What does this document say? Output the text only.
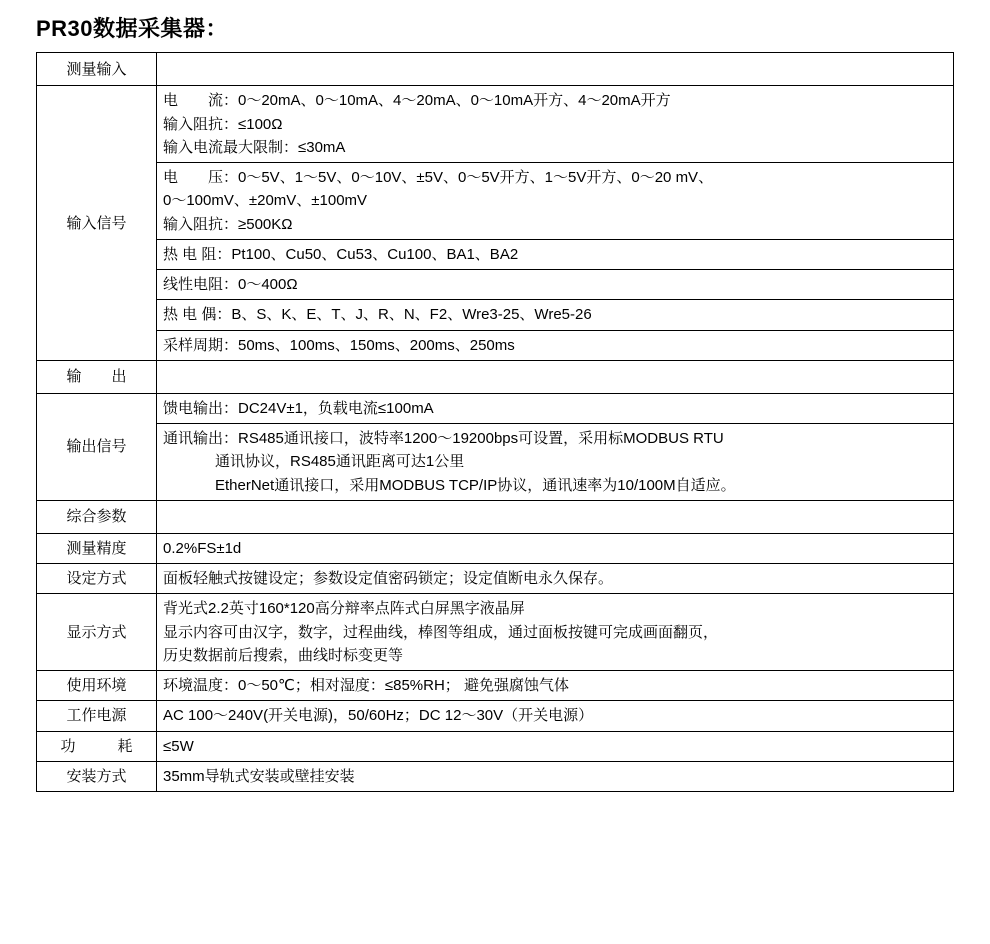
PR30数据采集器：
测量输入	
输入信号	电　　流：0～20mA、0～10mA、4～20mA、0～10mA开方、4～20mA开方
输入阻抗：≤100Ω
输入电流最大限制：≤30mA

	电　　压：0～5V、1～5V、0～10V、±5V、0～5V开方、1～5V开方、0～20 mV、
0～100mV、±20mV、±100mV
输入阻抗：≥500KΩ

	热 电 阻：Pt100、Cu50、Cu53、Cu100、BA1、BA2

	线性电阻：0～400Ω

	热 电 偶：B、S、K、E、T、J、R、N、F2、Wre3-25、Wre5-26

	采样周期：50ms、100ms、150ms、200ms、250ms

输　　出	
输出信号	馈电输出：DC24V±1，负载电流≤100mA

	通讯输出：RS485通讯接口，波特率1200～19200bps可设置，采用标MODBUS RTU
通讯协议，RS485通讯距离可达1公里
EtherNet通讯接口，采用MODBUS TCP/IP协议，通讯速率为10/100M自适应。

综合参数	
测量精度	0.2%FS±1d

设定方式	面板轻触式按键设定；参数设定值密码锁定；设定值断电永久保存。

显示方式	背光式2.2英寸160*120高分辩率点阵式白屏黑字液晶屏
显示内容可由汉字，数字，过程曲线，棒图等组成，通过面板按键可完成画面翻页，
历史数据前后搜索，曲线时标变更等

使用环境	环境温度：0～50℃；相对湿度：≤85%RH； 避免强腐蚀气体

工作电源	AC 100～240V(开关电源)，50/60Hz；DC 12～30V（开关电源）

功　　耗	≤5W

安装方式	35mm导轨式安装或壁挂安装
